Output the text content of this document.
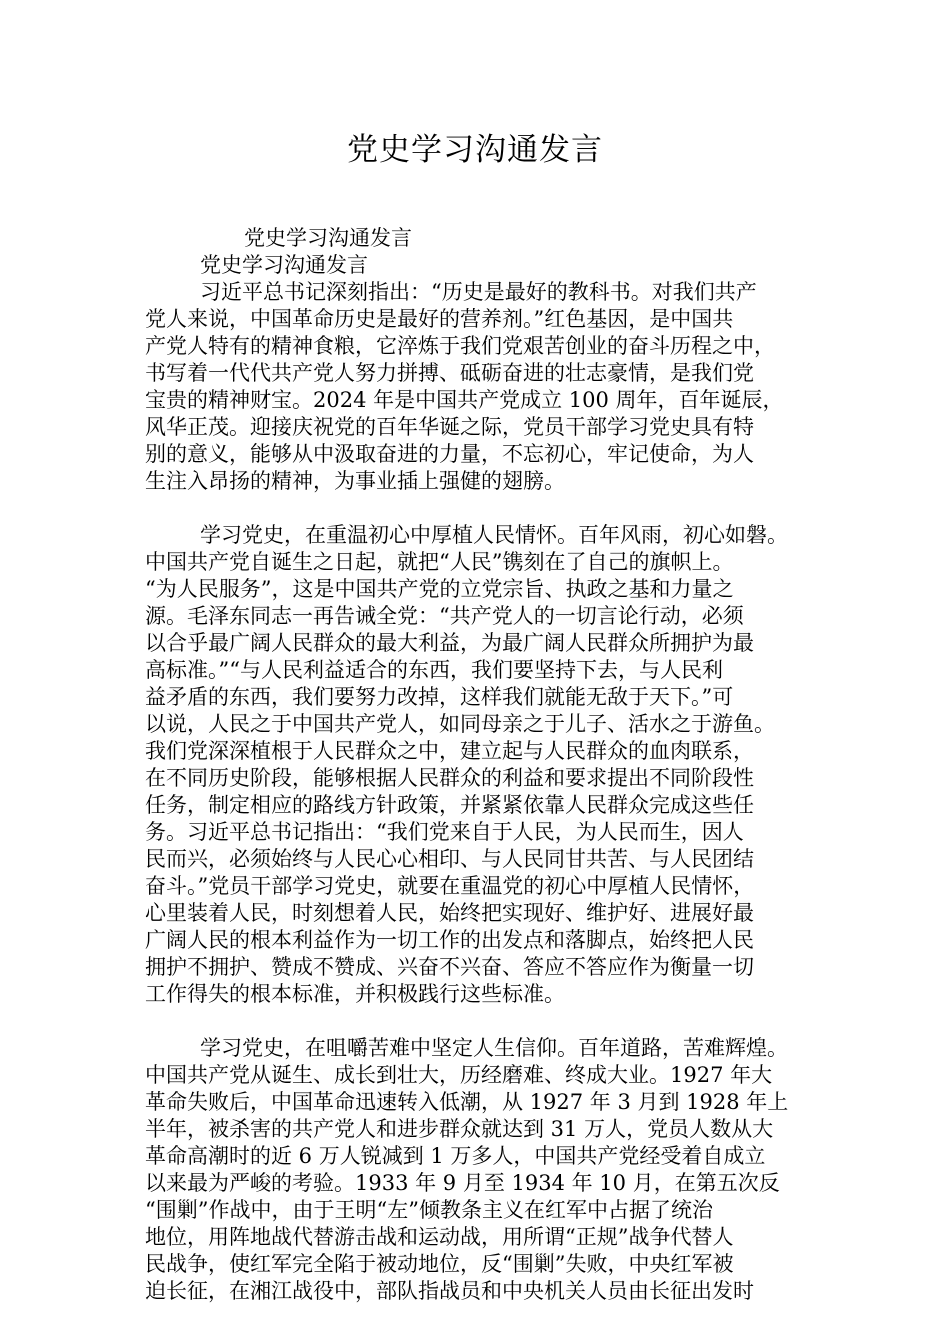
党史学习沟通发言
党史学习沟通发言
党史学习沟通发言
习近平总书记深刻指出：“历史是最好的教科书。对我们共产
党人来说，中国革命历史是最好的营养剂。”红色基因，是中国共
产党人特有的精神食粮，它淬炼于我们党艰苦创业的奋斗历程之中，
书写着一代代共产党人努力拼搏、砥砺奋进的壮志豪情，是我们党
宝贵的精神财宝。2024 年是中国共产党成立 100 周年，百年诞辰，
风华正茂。迎接庆祝党的百年华诞之际，党员干部学习党史具有特
别的意义，能够从中汲取奋进的力量，不忘初心，牢记使命，为人
生注入昂扬的精神，为事业插上强健的翅膀。
学习党史，在重温初心中厚植人民情怀。百年风雨，初心如磐。
中国共产党自诞生之日起，就把“人民”镌刻在了自己的旗帜上。
“为人民服务”，这是中国共产党的立党宗旨、执政之基和力量之
源。毛泽东同志一再告诫全党：“共产党人的一切言论行动，必须
以合乎最广阔人民群众的最大利益，为最广阔人民群众所拥护为最
高标准。”“与人民利益适合的东西，我们要坚持下去，与人民利
益矛盾的东西，我们要努力改掉，这样我们就能无敌于天下。”可
以说，人民之于中国共产党人，如同母亲之于儿子、活水之于游鱼。
我们党深深植根于人民群众之中，建立起与人民群众的血肉联系，
在不同历史阶段，能够根据人民群众的利益和要求提出不同阶段性
任务，制定相应的路线方针政策，并紧紧依靠人民群众完成这些任
务。习近平总书记指出：“我们党来自于人民，为人民而生，因人
民而兴，必须始终与人民心心相印、与人民同甘共苦、与人民团结
奋斗。”党员干部学习党史，就要在重温党的初心中厚植人民情怀，
心里装着人民，时刻想着人民，始终把实现好、维护好、进展好最
广阔人民的根本利益作为一切工作的出发点和落脚点，始终把人民
拥护不拥护、赞成不赞成、兴奋不兴奋、答应不答应作为衡量一切
工作得失的根本标准，并积极践行这些标准。
学习党史，在咀嚼苦难中坚定人生信仰。百年道路，苦难辉煌。
中国共产党从诞生、成长到壮大，历经磨难、终成大业。1927 年大
革命失败后，中国革命迅速转入低潮，从 1927 年 3 月到 1928 年上
半年，被杀害的共产党人和进步群众就达到 31 万人，党员人数从大
革命高潮时的近 6 万人锐减到 1 万多人，中国共产党经受着自成立
以来最为严峻的考验。1933 年 9 月至 1934 年 10 月，在第五次反
“围剿”作战中，由于王明“左”倾教条主义在红军中占据了统治
地位，用阵地战代替游击战和运动战，用所谓“正规”战争代替人
民战争，使红军完全陷于被动地位，反“围剿”失败，中央红军被
迫长征，在湘江战役中，部队指战员和中央机关人员由长征出发时
